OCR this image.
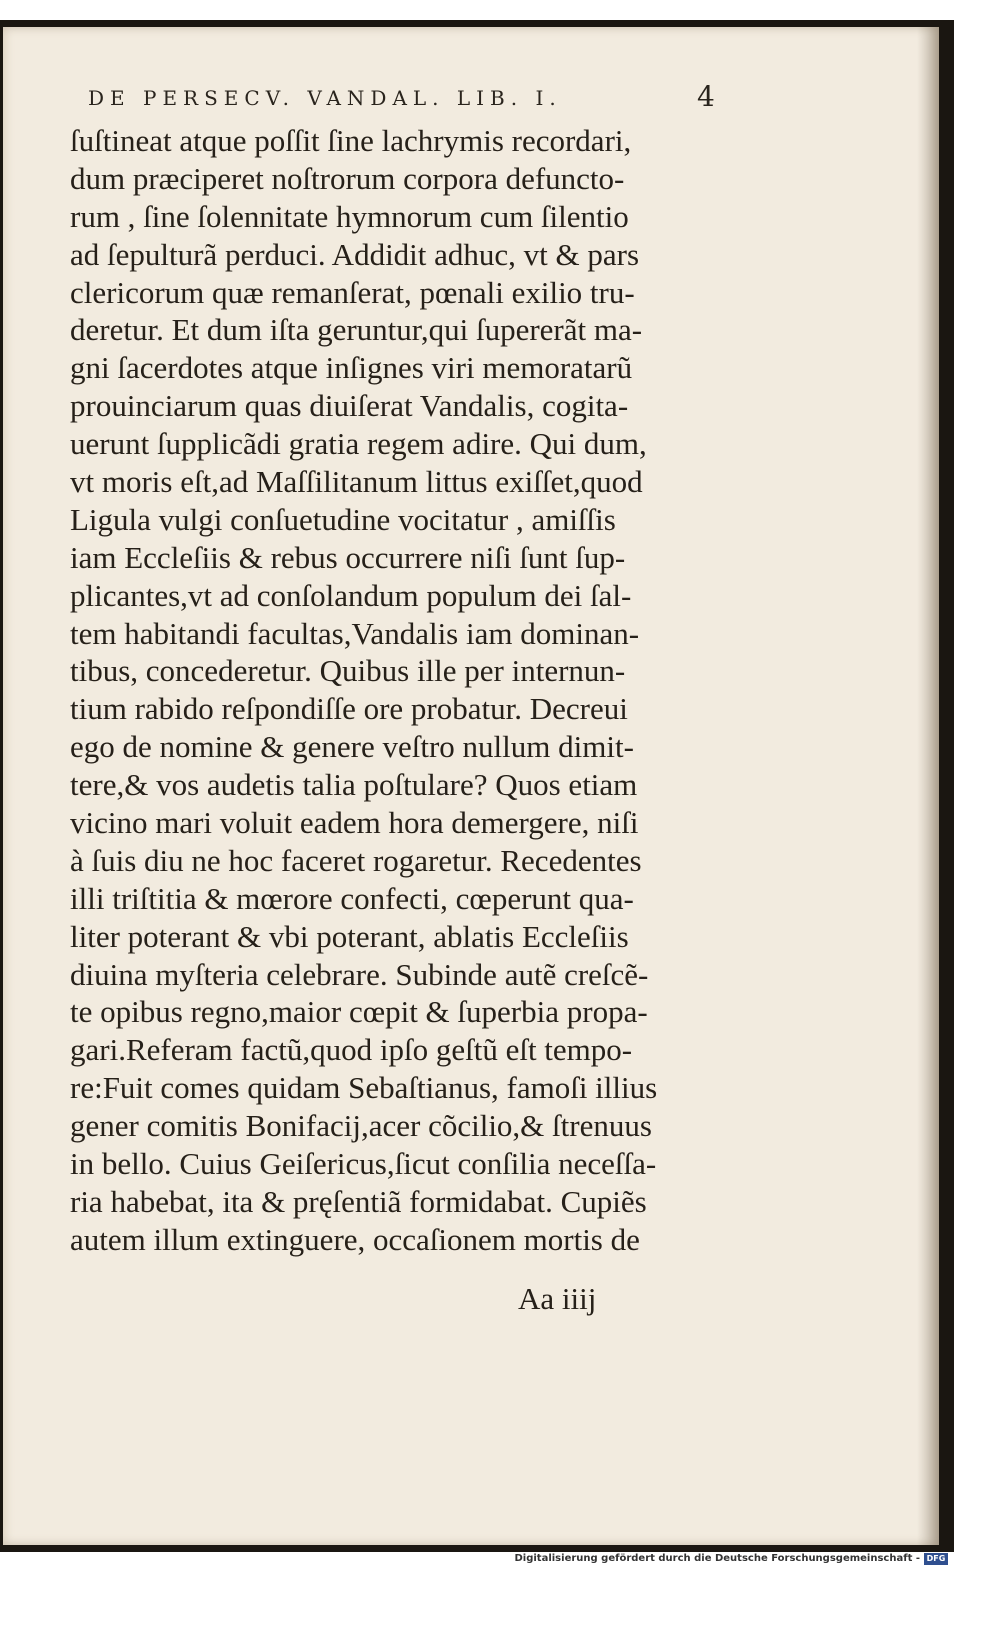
DE PERSECV. VANDAL. LIB. I.	4
ſuſtineat atque poſſit ſine lachrymis recordari,
dum præciperet noſtrorum corpora defuncto-
rum , ſine ſolennitate hymnorum cum ſilentio
ad ſepulturã perduci. Addidit adhuc, vt & pars
clericorum quæ remanſerat, pœnali exilio tru-
deretur. Et dum iſta geruntur,qui ſupererãt ma-
gni ſacerdotes atque inſignes viri memoratarũ
prouinciarum quas diuiſerat Vandalis, cogita-
uerunt ſupplicãdi gratia regem adire. Qui dum,
vt moris eſt,ad Maſſilitanum littus exiſſet,quod
Ligula vulgi conſuetudine vocitatur , amiſſis
iam Eccleſiis & rebus occurrere niſi ſunt ſup-
plicantes,vt ad conſolandum populum dei ſal-
tem habitandi facultas,Vandalis iam dominan-
tibus, concederetur. Quibus ille per internun-
tium rabido reſpondiſſe ore probatur. Decreui
ego de nomine & genere veſtro nullum dimit-
tere,& vos audetis talia poſtulare? Quos etiam
vicino mari voluit eadem hora demergere, niſi
à ſuis diu ne hoc faceret rogaretur. Recedentes
illi triſtitia & mœrore confecti, cœperunt qua-
liter poterant & vbi poterant, ablatis Eccleſiis
diuina myſteria celebrare. Subinde autẽ creſcẽ-
te opibus regno,maior cœpit & ſuperbia propa-
gari.Referam factũ,quod ipſo geſtũ eſt tempo-
re:Fuit comes quidam Sebaſtianus, famoſi illius
gener comitis Bonifacij,acer cõcilio,& ſtrenuus
in bello. Cuius Geiſericus,ſicut conſilia neceſſa-
ria habebat, ita & pręſentiã formidabat. Cupiẽs
autem illum extinguere, occaſionem mortis de
Aa iiij
Digitalisierung gefördert durch die Deutsche Forschungsgemeinschaft - DFG
